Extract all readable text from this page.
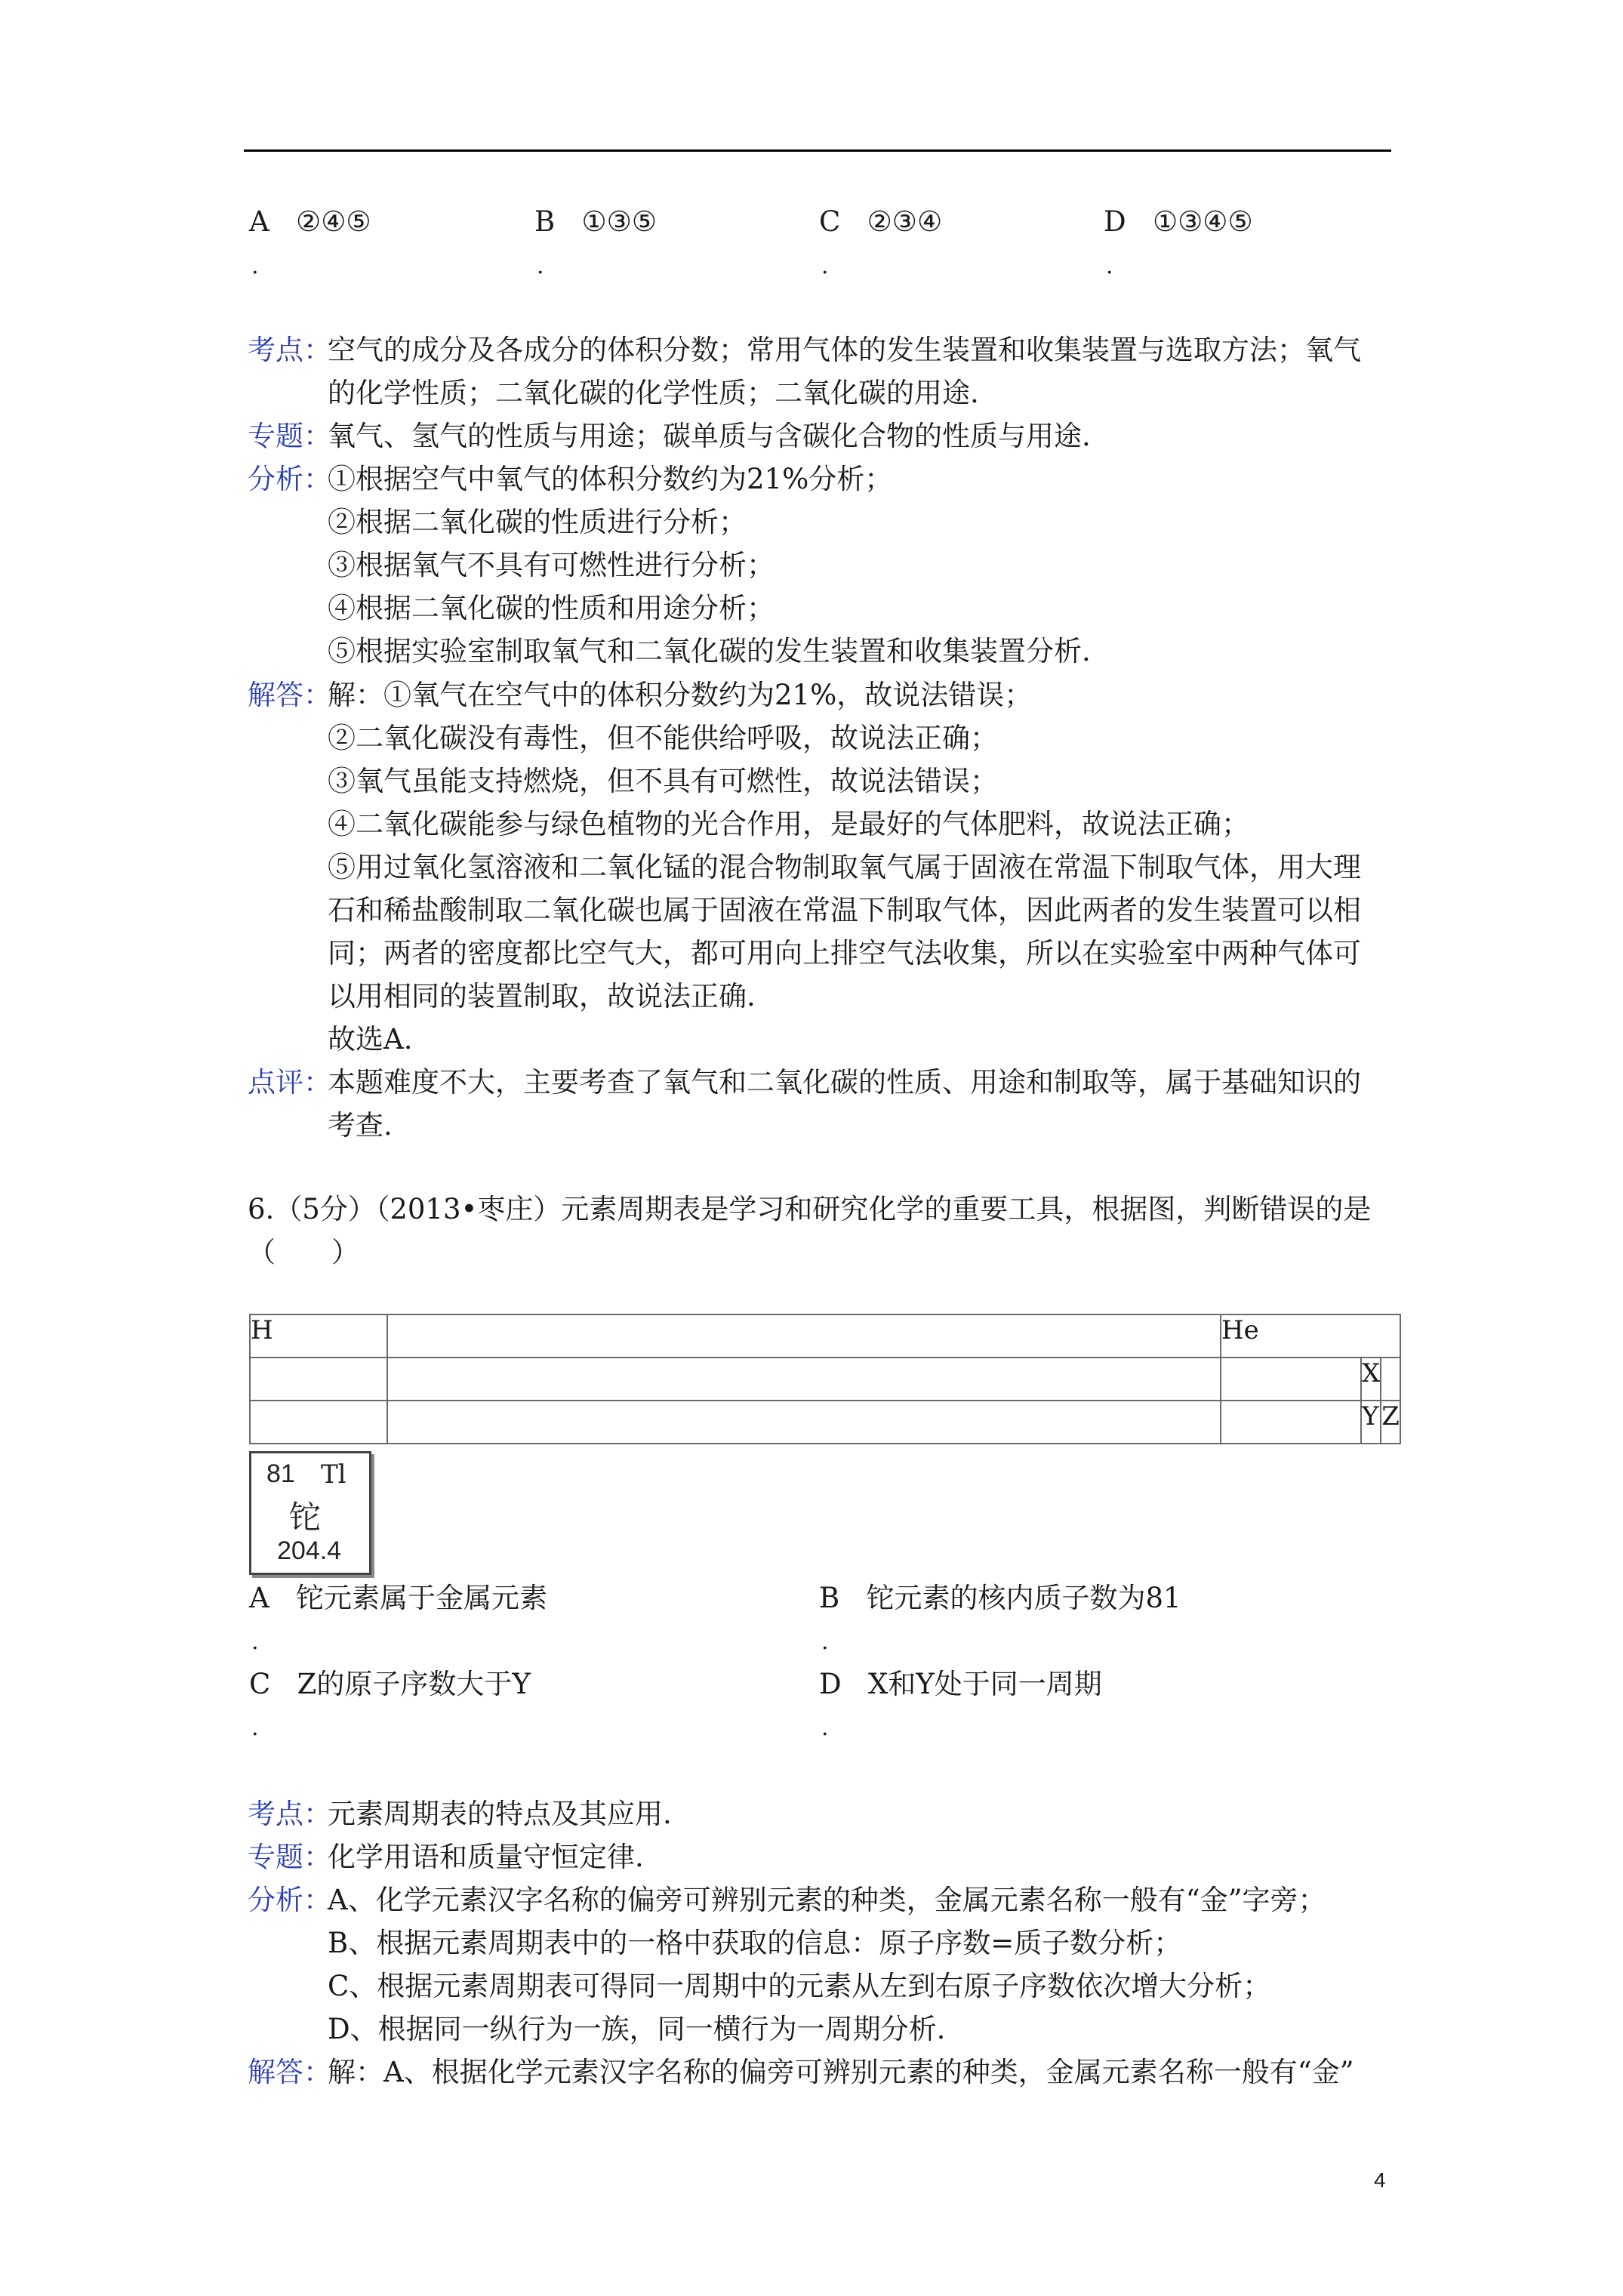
A ②④⑤
.
B ①③⑤
.
C ②③④
.
D ①③④⑤
.
考点：
空气的成分及各成分的体积分数；常用气体的发生装置和收集装置与选取方法；氧气
的化学性质；二氧化碳的化学性质；二氧化碳的用途.
专题：
氧气、氢气的性质与用途；碳单质与含碳化合物的性质与用途.
分析：
①根据空气中氧气的体积分数约为21%分析；
②根据二氧化碳的性质进行分析；
③根据氧气不具有可燃性进行分析；
④根据二氧化碳的性质和用途分析；
⑤根据实验室制取氧气和二氧化碳的发生装置和收集装置分析.
解答：
解：①氧气在空气中的体积分数约为21%，故说法错误；
②二氧化碳没有毒性，但不能供给呼吸，故说法正确；
③氧气虽能支持燃烧，但不具有可燃性，故说法错误；
④二氧化碳能参与绿色植物的光合作用，是最好的气体肥料，故说法正确；
⑤用过氧化氢溶液和二氧化锰的混合物制取氧气属于固液在常温下制取气体，用大理
石和稀盐酸制取二氧化碳也属于固液在常温下制取气体，因此两者的发生装置可以相
同；两者的密度都比空气大，都可用向上排空气法收集，所以在实验室中两种气体可
以用相同的装置制取，故说法正确.
故选A.
点评：
本题难度不大，主要考查了氧气和二氧化碳的性质、用途和制取等，属于基础知识的
考查.
6.（5分）（2013•枣庄）元素周期表是学习和研究化学的重要工具，根据图，判断错误的是
（　　）
H		He		
			X	
			Y	Z
81 Tl
铊
204.4
A 铊元素属于金属元素
.
B 铊元素的核内质子数为81
.
C Z的原子序数大于Y
.
D X和Y处于同一周期
.
考点：
元素周期表的特点及其应用.
专题：
化学用语和质量守恒定律.
分析：
A、化学元素汉字名称的偏旁可辨别元素的种类，金属元素名称一般有“金”字旁；
B、根据元素周期表中的一格中获取的信息：原子序数=质子数分析；
C、根据元素周期表可得同一周期中的元素从左到右原子序数依次增大分析；
D、根据同一纵行为一族，同一横行为一周期分析.
解答：
解：A、根据化学元素汉字名称的偏旁可辨别元素的种类，金属元素名称一般有“金”
4
